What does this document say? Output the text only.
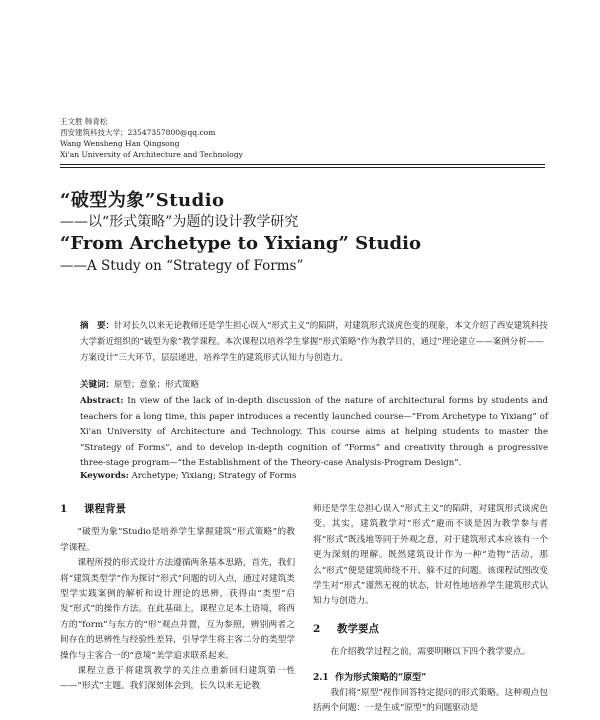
王文胜 韩青松
西安建筑科技大学；23547357800@qq.com
Wang Wensheng Han Qingsong
Xi'an University of Architecture and Technology
“破型为象”Studio
——以“形式策略”为题的设计教学研究
“From Archetype to Yixiang” Studio
——A Study on “Strategy of Forms”
摘　要：针对长久以来无论教师还是学生担心误入“形式主义”的陷阱，对建筑形式谈虎色变的现象，本文介绍了西安建筑科技大学新近组织的“破型为象”教学课程。本次课程以培养学生掌握“形式策略”作为教学目的，通过“理论建立——案例分析——方案设计”三大环节，层层递进，培养学生的建筑形式认知力与创造力。
关键词：原型；意象；形式策略
Abstract: In view of the lack of in-depth discussion of the nature of architectural forms by students and teachers for a long time, this paper introduces a recently launched course—“From Archetype to Yixiang” of Xi'an University of Architecture and Technology. This course aims at helping students to master the “Strategy of Forms”, and to develop in-depth cognition of “Forms” and creativity through a progressive three-stage program—“the Establishment of the Theory-case Analysis-Program Design”.
Keywords: Archetype; Yixiang; Strategy of Forms

1 课程背景

“破型为象”Studio是培养学生掌握建筑“形式策略”的教学课程。

课程所授的形式设计方法遵循两条基本思路，首先，我们将“建筑类型学”作为探讨“形式”问题的切入点，通过对建筑类型学实践案例的解析和设计理论的思辨，获得由“类型”启发“形式”的操作方法。在此基础上，课程立足本土语境，将西方的“form”与东方的“形”观点并置，互为参照，辨别两者之间存在的思辨性与经验性差异，引导学生将主客二分的类型学操作与主客合一的“意境”美学追求联系起来。

课程立意于将建筑教学的关注点重新回归建筑第一性——“形式”主题。我们深刻体会到，长久以来无论教

师还是学生总担心误入“形式主义”的陷阱，对建筑形式谈虎色变。其实，建筑教学对“形式”避而不谈是因为教学参与者将“形式”既浅地等同于外观之意，对于建筑形式本应该有一个更为深刻的理解。既然建筑设计作为一种“造物”活动，那么“形式”便是建筑师绕不开、躲不过的问题。该课程试图改变学生对“形式”谨然无视的状态，针对性地培养学生建筑形式认知力与创造力。

2 教学要点

在介绍教学过程之前，需要明晰以下四个教学要点。

2.1 作为形式策略的“原型”

我们将“原型”视作回答特定提问的形式策略。这种观点包括两个问题：一是生成“原型”的问题驱动是
